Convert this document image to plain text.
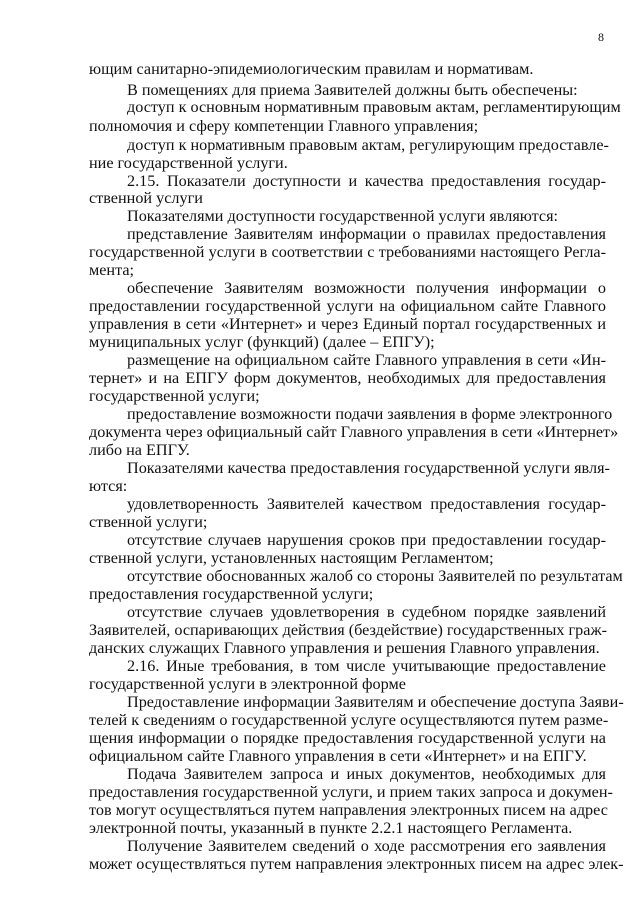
8
ющим санитарно-эпидемиологическим правилам и нормативам.
В помещениях для приема Заявителей должны быть обеспечены:
доступ к основным нормативным правовым актам, регламентирующим
полномочия и сферу компетенции Главного управления;
доступ к нормативным правовым актам, регулирующим предоставле-
ние государственной услуги.
2.15. Показатели доступности и качества предоставления государ-
ственной услуги
Показателями доступности государственной услуги являются:
представление Заявителям информации о правилах предоставления
государственной услуги в соответствии с требованиями настоящего Регла-
мента;
обеспечение Заявителям возможности получения информации о
предоставлении государственной услуги на официальном сайте Главного
управления в сети «Интернет» и через Единый портал государственных и
муниципальных услуг (функций) (далее – ЕПГУ);
размещение на официальном сайте Главного управления в сети «Ин-
тернет» и на ЕПГУ форм документов, необходимых для предоставления
государственной услуги;
предоставление возможности подачи заявления в форме электронного
документа через официальный сайт Главного управления в сети «Интернет»
либо на ЕПГУ.
Показателями качества предоставления государственной услуги явля-
ются:
удовлетворенность Заявителей качеством предоставления государ-
ственной услуги;
отсутствие случаев нарушения сроков при предоставлении государ-
ственной услуги, установленных настоящим Регламентом;
отсутствие обоснованных жалоб со стороны Заявителей по результатам
предоставления государственной услуги;
отсутствие случаев удовлетворения в судебном порядке заявлений
Заявителей, оспаривающих действия (бездействие) государственных граж-
данских служащих Главного управления и решения Главного управления.
2.16. Иные требования, в том числе учитывающие предоставление
государственной услуги в электронной форме
Предоставление информации Заявителям и обеспечение доступа Заяви-
телей к сведениям о государственной услуге осуществляются путем разме-
щения информации о порядке предоставления государственной услуги на
официальном сайте Главного управления в сети «Интернет» и на ЕПГУ.
Подача Заявителем запроса и иных документов, необходимых для
предоставления государственной услуги, и прием таких запроса и докумен-
тов могут осуществляться путем направления электронных писем на адрес
электронной почты, указанный в пункте 2.2.1 настоящего Регламента.
Получение Заявителем сведений о ходе рассмотрения его заявления
может осуществляться путем направления электронных писем на адрес элек-
